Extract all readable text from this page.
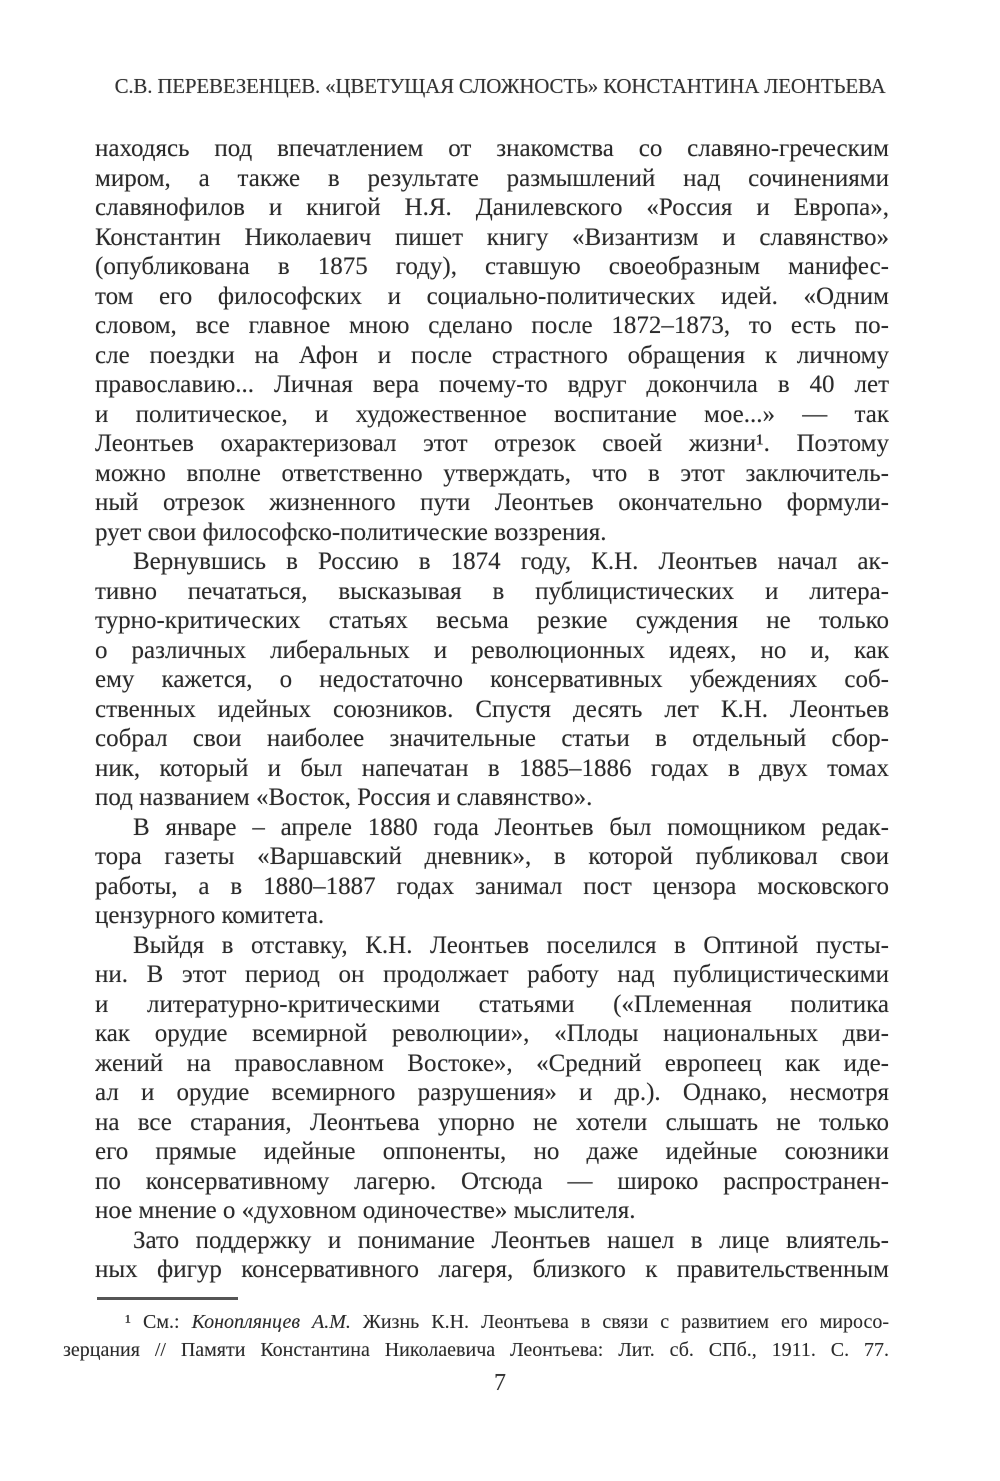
С.В. ПЕРЕВЕЗЕНЦЕВ. «ЦВЕТУЩАЯ СЛОЖНОСТЬ» КОНСТАНТИНА ЛЕОНТЬЕВА
находясь под впечатлением от знакомства со славяно-греческим
миром, а также в результате размышлений над сочинениями
славянофилов и книгой Н.Я. Данилевского «Россия и Европа»,
Константин Николаевич пишет книгу «Византизм и славянство»
(опубликована в 1875 году), ставшую своеобразным манифес-
том его философских и социально-политических идей. «Одним
словом, все главное мною сделано после 1872–1873, то есть по-
сле поездки на Афон и после страстного обращения к личному
православию... Личная вера почему-то вдруг докончила в 40 лет
и политическое, и художественное воспитание мое...» — так
Леонтьев охарактеризовал этот отрезок своей жизни¹. Поэтому
можно вполне ответственно утверждать, что в этот заключитель-
ный отрезок жизненного пути Леонтьев окончательно формули-
рует свои философско-политические воззрения.
Вернувшись в Россию в 1874 году, К.Н. Леонтьев начал ак-
тивно печататься, высказывая в публицистических и литера-
турно-критических статьях весьма резкие суждения не только
о различных либеральных и революционных идеях, но и, как
ему кажется, о недостаточно консервативных убеждениях соб-
ственных идейных союзников. Спустя десять лет К.Н. Леонтьев
собрал свои наиболее значительные статьи в отдельный сбор-
ник, который и был напечатан в 1885–1886 годах в двух томах
под названием «Восток, Россия и славянство».
В январе – апреле 1880 года Леонтьев был помощником редак-
тора газеты «Варшавский дневник», в которой публиковал свои
работы, а в 1880–1887 годах занимал пост цензора московского
цензурного комитета.
Выйдя в отставку, К.Н. Леонтьев поселился в Оптиной пусты-
ни. В этот период он продолжает работу над публицистическими
и литературно-критическими статьями («Племенная политика
как орудие всемирной революции», «Плоды национальных дви-
жений на православном Востоке», «Средний европеец как иде-
ал и орудие всемирного разрушения» и др.). Однако, несмотря
на все старания, Леонтьева упорно не хотели слышать не только
его прямые идейные оппоненты, но даже идейные союзники
по консервативному лагерю. Отсюда — широко распространен-
ное мнение о «духовном одиночестве» мыслителя.
Зато поддержку и понимание Леонтьев нашел в лице влиятель-
ных фигур консервативного лагеря, близкого к правительственным
¹ См.: Коноплянцев А.М. Жизнь К.Н. Леонтьева в связи с развитием его миросо-
зерцания // Памяти Константина Николаевича Леонтьева: Лит. сб. СПб., 1911. С. 77.
7
